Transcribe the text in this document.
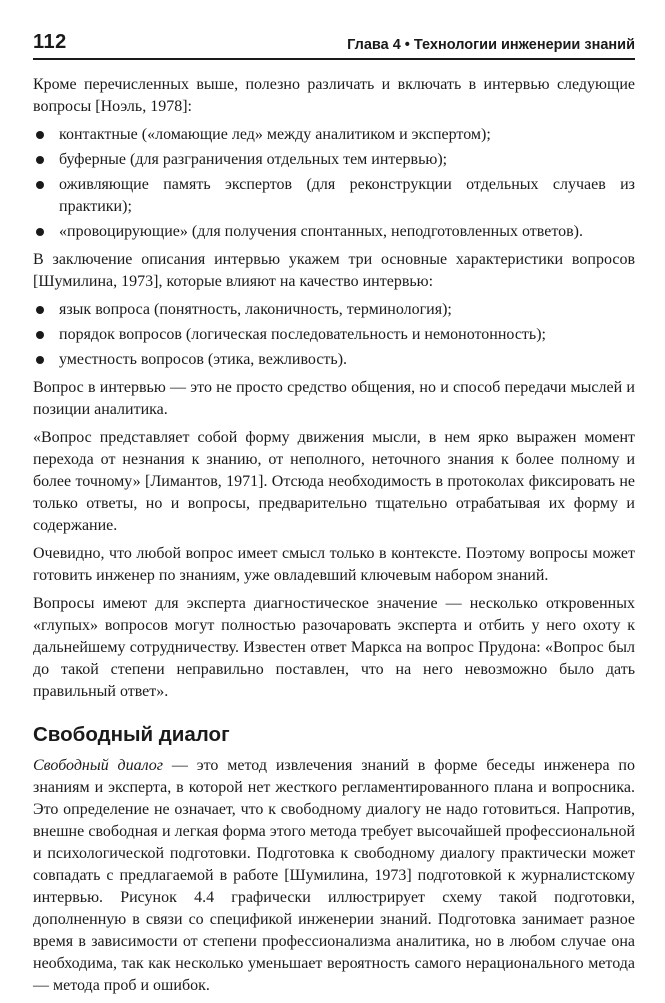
112	Глава 4 • Технологии инженерии знаний

Кроме перечисленных выше, полезно различать и включать в интервью следующие вопросы [Ноэль, 1978]:

контактные («ломающие лед» между аналитиком и экспертом);
буферные (для разграничения отдельных тем интервью);
оживляющие память экспертов (для реконструкции отдельных случаев из практики);
«провоцирующие» (для получения спонтанных, неподготовленных ответов).

В заключение описания интервью укажем три основные характеристики вопросов [Шумилина, 1973], которые влияют на качество интервью:

язык вопроса (понятность, лаконичность, терминология);
порядок вопросов (логическая последовательность и немонотонность);
уместность вопросов (этика, вежливость).

Вопрос в интервью — это не просто средство общения, но и способ передачи мыслей и позиции аналитика.

«Вопрос представляет собой форму движения мысли, в нем ярко выражен момент перехода от незнания к знанию, от неполного, неточного знания к более полному и более точному» [Лимантов, 1971]. Отсюда необходимость в протоколах фиксировать не только ответы, но и вопросы, предварительно тщательно отрабатывая их форму и содержание.

Очевидно, что любой вопрос имеет смысл только в контексте. Поэтому вопросы может готовить инженер по знаниям, уже овладевший ключевым набором знаний.

Вопросы имеют для эксперта диагностическое значение — несколько откровенных «глупых» вопросов могут полностью разочаровать эксперта и отбить у него охоту к дальнейшему сотрудничеству. Известен ответ Маркса на вопрос Прудона: «Вопрос был до такой степени неправильно поставлен, что на него невозможно было дать правильный ответ».

Свободный диалог

Свободный диалог — это метод извлечения знаний в форме беседы инженера по знаниям и эксперта, в которой нет жесткого регламентированного плана и вопросника. Это определение не означает, что к свободному диалогу не надо готовиться. Напротив, внешне свободная и легкая форма этого метода требует высочайшей профессиональной и психологической подготовки. Подготовка к свободному диалогу практически может совпадать с предлагаемой в работе [Шумилина, 1973] подготовкой к журналистскому интервью. Рисунок 4.4 графически иллюстрирует схему такой подготовки, дополненную в связи со спецификой инженерии знаний. Подготовка занимает разное время в зависимости от степени профессионализма аналитика, но в любом случае она необходима, так как несколько уменьшает вероятность самого нерационального метода — метода проб и ошибок.
